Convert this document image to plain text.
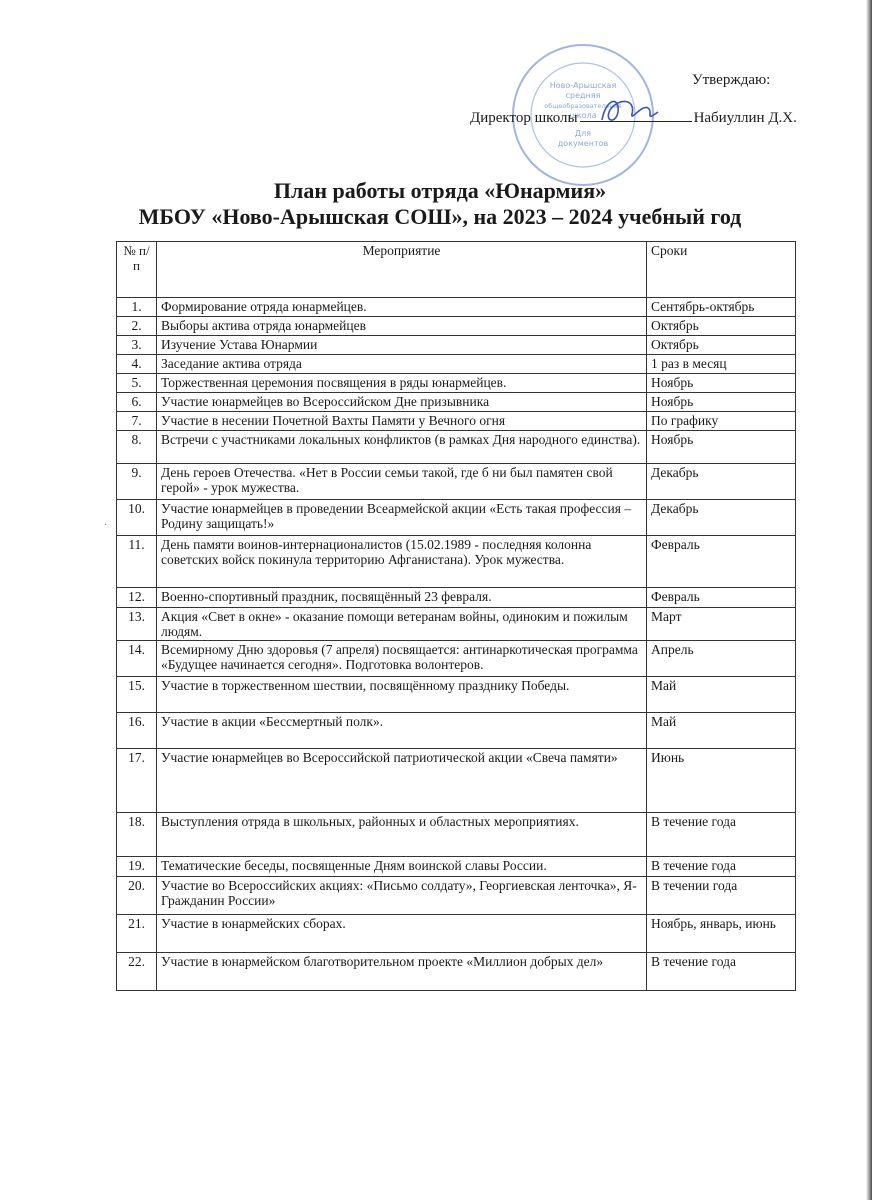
Ново-Арышская
средняя
общеобразовательная
школа
Для
документов
Утверждаю:
Директор школы	Набиуллин Д.Х.
План работы отряда «Юнармия»
МБОУ «Ново-Арышская СОШ», на 2023 – 2024 учебный год
№ п/п	Мероприятие	Сроки
1.	Формирование отряда юнармейцев.	Сентябрь-октябрь
2.	Выборы актива отряда юнармейцев	Октябрь
3.	Изучение Устава Юнармии	Октябрь
4.	Заседание актива отряда	1 раз в месяц
5.	Торжественная церемония посвящения в ряды юнармейцев.	Ноябрь
6.	Участие юнармейцев во Всероссийском Дне призывника	Ноябрь
7.	Участие в несении Почетной Вахты Памяти у Вечного огня	По графику
8.	Встречи с участниками локальных конфликтов (в рамках Дня народного единства).	Ноябрь
9.	День героев Отечества. «Нет в России семьи такой, где б ни был памятен свой герой» - урок мужества.	Декабрь
10.	Участие юнармейцев в проведении Всеармейской акции «Есть такая профессия –Родину защищать!»	Декабрь
11.	День памяти воинов-интернационалистов (15.02.1989 - последняя колонна советских войск покинула территорию Афганистана). Урок мужества.	Февраль
12.	Военно-спортивный праздник, посвящённый 23 февраля.	Февраль
13.	Акция «Свет в окне» - оказание помощи ветеранам войны, одиноким и пожилым людям.	Март
14.	Всемирному Дню здоровья (7 апреля) посвящается: антинаркотическая программа «Будущее начинается сегодня». Подготовка волонтеров.	Апрель
15.	Участие в торжественном шествии, посвящённому празднику Победы.	Май
16.	Участие в акции «Бессмертный полк».	Май
17.	Участие юнармейцев во Всероссийской патриотической акции «Свеча памяти»	Июнь
18.	Выступления отряда в школьных, районных и областных мероприятиях.	В течение года
19.	Тематические беседы, посвященные Дням воинской славы России.	В течение года
20.	Участие во Всероссийских акциях: «Письмо солдату», Георгиевская ленточка», Я-Гражданин России»	В течении года
21.	Участие в юнармейских сборах.	Ноябрь, январь, июнь
22.	Участие в юнармейском благотворительном проекте «Миллион добрых дел»	В течение года
·
